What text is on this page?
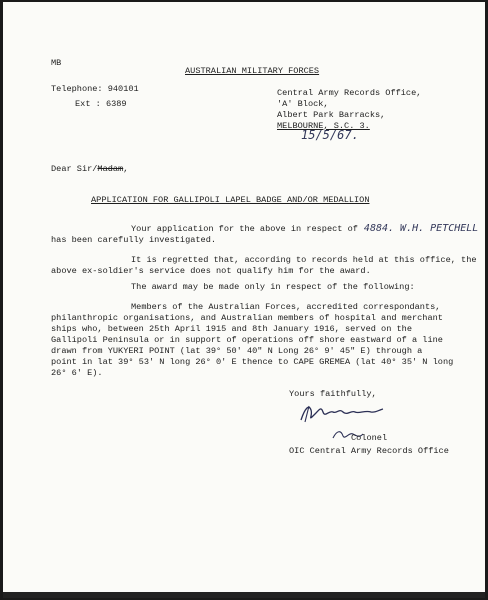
MB
AUSTRALIAN MILITARY FORCES
Telephone: 940101
Ext : 6389
Central Army Records Office,
'A' Block,
Albert Park Barracks,
MELBOURNE, S.C. 3.
15/5/67.
Dear Sir/Madam,
APPLICATION FOR GALLIPOLI LAPEL BADGE AND/OR MEDALLION
Your application for the above in respect of 4884. W.H. PETCHELL
has been carefully investigated.
It is regretted that, according to records held at this office, the
above ex-soldier's service does not qualify him for the award.
The award may be made only in respect of the following:
Members of the Australian Forces, accredited correspondants,
philanthropic organisations, and Australian members of hospital and merchant
ships who, between 25th April 1915 and 8th January 1916, served on the
Gallipoli Peninsula or in support of operations off shore eastward of a line
drawn from YUKYERI POINT (lat 39° 50' 40" N Long 26° 9' 45" E) through a
point in lat 39° 53' N long 26° 0' E thence to CAPE GREMEA (lat 40° 35' N long
26° 6' E).
Yours faithfully,
Colonel
OIC Central Army Records Office
